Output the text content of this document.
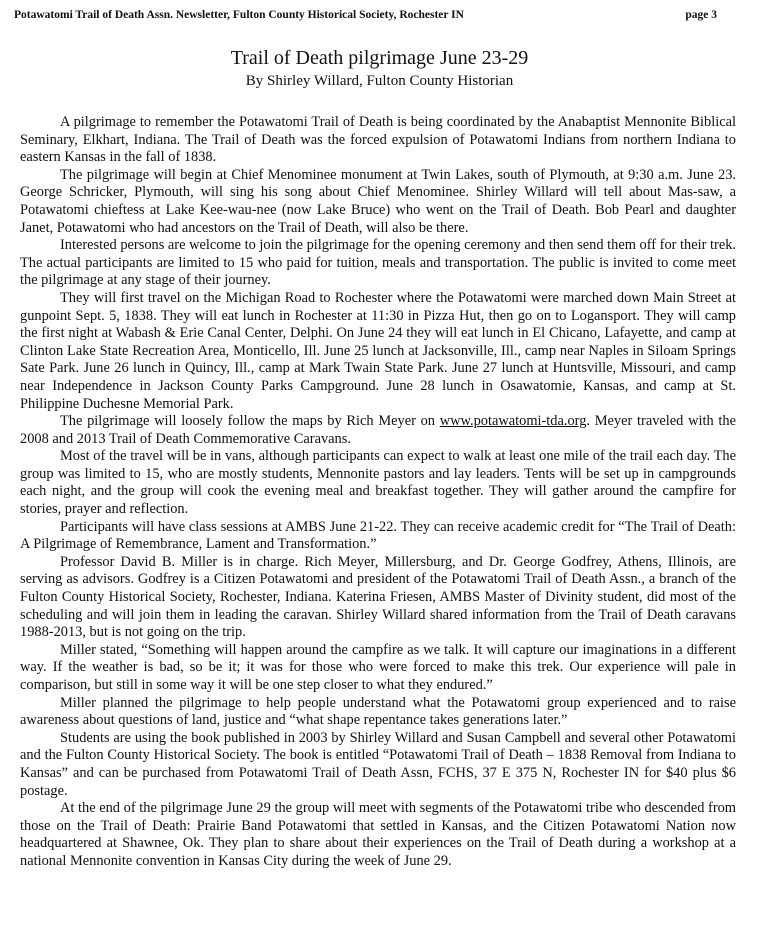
Potawatomi Trail of Death Assn. Newsletter, Fulton County Historical Society, Rochester IN	page 3
Trail of Death pilgrimage June 23-29
By Shirley Willard, Fulton County Historian

A pilgrimage to remember the Potawatomi Trail of Death is being coordinated by the Anabaptist Mennonite Biblical Seminary, Elkhart, Indiana. The Trail of Death was the forced expulsion of Potawatomi Indians from northern Indiana to eastern Kansas in the fall of 1838.

The pilgrimage will begin at Chief Menominee monument at Twin Lakes, south of Plymouth, at 9:30 a.m. June 23. George Schricker, Plymouth, will sing his song about Chief Menominee. Shirley Willard will tell about Mas-saw, a Potawatomi chieftess at Lake Kee-wau-nee (now Lake Bruce) who went on the Trail of Death. Bob Pearl and daughter Janet, Potawatomi who had ancestors on the Trail of Death, will also be there.

Interested persons are welcome to join the pilgrimage for the opening ceremony and then send them off for their trek. The actual participants are limited to 15 who paid for tuition, meals and transportation. The public is invited to come meet the pilgrimage at any stage of their journey.

They will first travel on the Michigan Road to Rochester where the Potawatomi were marched down Main Street at gunpoint Sept. 5, 1838. They will eat lunch in Rochester at 11:30 in Pizza Hut, then go on to Logansport. They will camp the first night at Wabash & Erie Canal Center, Delphi. On June 24 they will eat lunch in El Chicano, Lafayette, and camp at Clinton Lake State Recreation Area, Monticello, Ill. June 25 lunch at Jacksonville, Ill., camp near Naples in Siloam Springs Sate Park. June 26 lunch in Quincy, Ill., camp at Mark Twain State Park. June 27 lunch at Huntsville, Missouri, and camp near Independence in Jackson County Parks Campground. June 28 lunch in Osawatomie, Kansas, and camp at St. Philippine Duchesne Memorial Park.

The pilgrimage will loosely follow the maps by Rich Meyer on www.potawatomi-tda.org. Meyer traveled with the 2008 and 2013 Trail of Death Commemorative Caravans.

Most of the travel will be in vans, although participants can expect to walk at least one mile of the trail each day. The group was limited to 15, who are mostly students, Mennonite pastors and lay leaders. Tents will be set up in campgrounds each night, and the group will cook the evening meal and breakfast together. They will gather around the campfire for stories, prayer and reflection.

Participants will have class sessions at AMBS June 21-22. They can receive academic credit for “The Trail of Death: A Pilgrimage of Remembrance, Lament and Transformation.”

Professor David B. Miller is in charge. Rich Meyer, Millersburg, and Dr. George Godfrey, Athens, Illinois, are serving as advisors. Godfrey is a Citizen Potawatomi and president of the Potawatomi Trail of Death Assn., a branch of the Fulton County Historical Society, Rochester, Indiana. Katerina Friesen, AMBS Master of Divinity student, did most of the scheduling and will join them in leading the caravan. Shirley Willard shared information from the Trail of Death caravans 1988-2013, but is not going on the trip.

Miller stated, “Something will happen around the campfire as we talk. It will capture our imaginations in a different way. If the weather is bad, so be it; it was for those who were forced to make this trek. Our experience will pale in comparison, but still in some way it will be one step closer to what they endured.”

Miller planned the pilgrimage to help people understand what the Potawatomi group experienced and to raise awareness about questions of land, justice and “what shape repentance takes generations later.”

Students are using the book published in 2003 by Shirley Willard and Susan Campbell and several other Potawatomi and the Fulton County Historical Society. The book is entitled “Potawatomi Trail of Death – 1838 Removal from Indiana to Kansas” and can be purchased from Potawatomi Trail of Death Assn, FCHS, 37 E 375 N, Rochester IN for $40 plus $6 postage.

At the end of the pilgrimage June 29 the group will meet with segments of the Potawatomi tribe who descended from those on the Trail of Death: Prairie Band Potawatomi that settled in Kansas, and the Citizen Potawatomi Nation now headquartered at Shawnee, Ok. They plan to share about their experiences on the Trail of Death during a workshop at a national Mennonite convention in Kansas City during the week of June 29.
